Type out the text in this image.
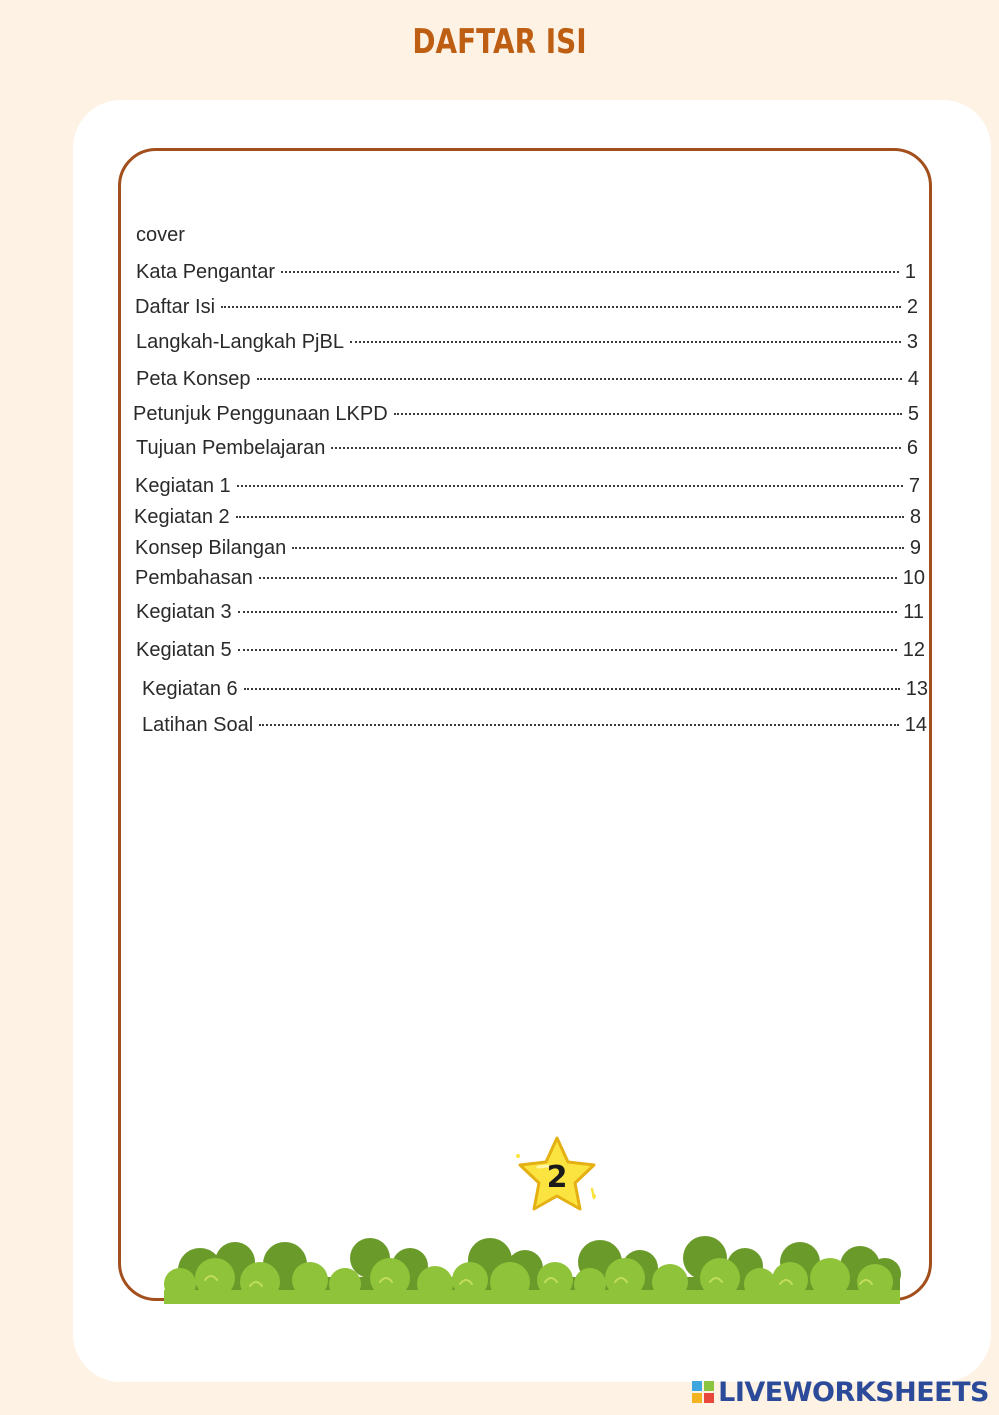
DAFTAR ISI
cover
Kata Pengantar	1
Daftar Isi	2
Langkah-Langkah PjBL	3
Peta Konsep	4
Petunjuk Penggunaan LKPD	5
Tujuan Pembelajaran	6
Kegiatan 1	7
Kegiatan 2	8
Konsep Bilangan	9
Pembahasan	10
Kegiatan 3	11
Kegiatan 5	12
Kegiatan 6	13
Latihan Soal	14
2
LIVEWORKSHEETS
